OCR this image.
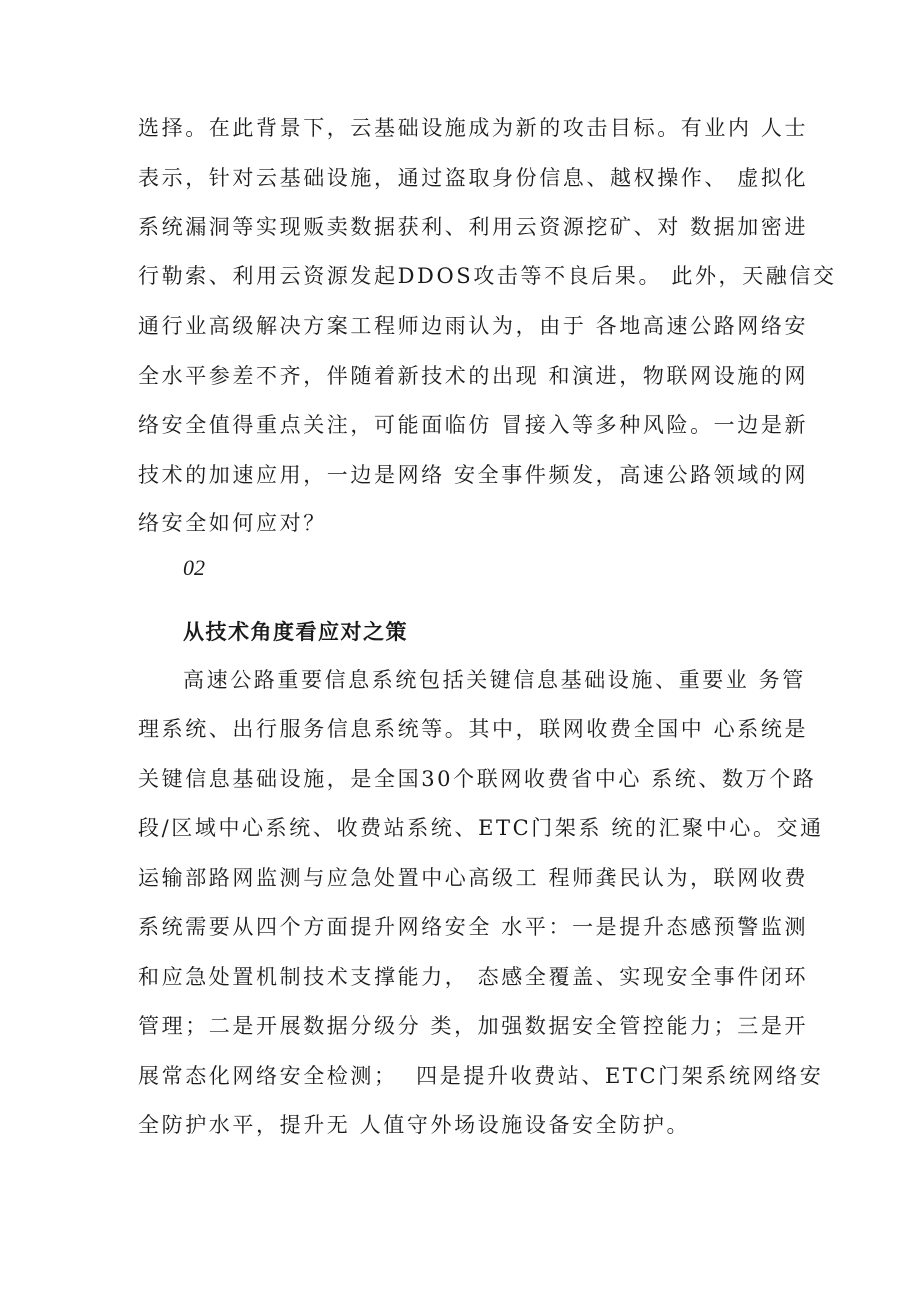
选择。在此背景下，云基础设施成为新的攻击目标。有业内 人士
表示，针对云基础设施，通过盗取身份信息、越权操作、 虚拟化
系统漏洞等实现贩卖数据获利、利用云资源挖矿、对 数据加密进
行勒索、利用云资源发起DDOS攻击等不良后果。 此外，天融信交
通行业高级解决方案工程师边雨认为，由于 各地高速公路网络安
全水平参差不齐，伴随着新技术的出现 和演进，物联网设施的网
络安全值得重点关注，可能面临仿 冒接入等多种风险。一边是新
技术的加速应用，一边是网络 安全事件频发，高速公路领域的网
络安全如何应对？
02
从技术角度看应对之策
高速公路重要信息系统包括关键信息基础设施、重要业 务管
理系统、出行服务信息系统等。其中，联网收费全国中 心系统是
关键信息基础设施，是全国30个联网收费省中心 系统、数万个路
段/区域中心系统、收费站系统、ETC门架系 统的汇聚中心。交通
运输部路网监测与应急处置中心高级工 程师龚民认为，联网收费
系统需要从四个方面提升网络安全 水平：一是提升态感预警监测
和应急处置机制技术支撑能力， 态感全覆盖、实现安全事件闭环
管理；二是开展数据分级分 类，加强数据安全管控能力；三是开
展常态化网络安全检测；  四是提升收费站、ETC门架系统网络安
全防护水平，提升无 人值守外场设施设备安全防护。
